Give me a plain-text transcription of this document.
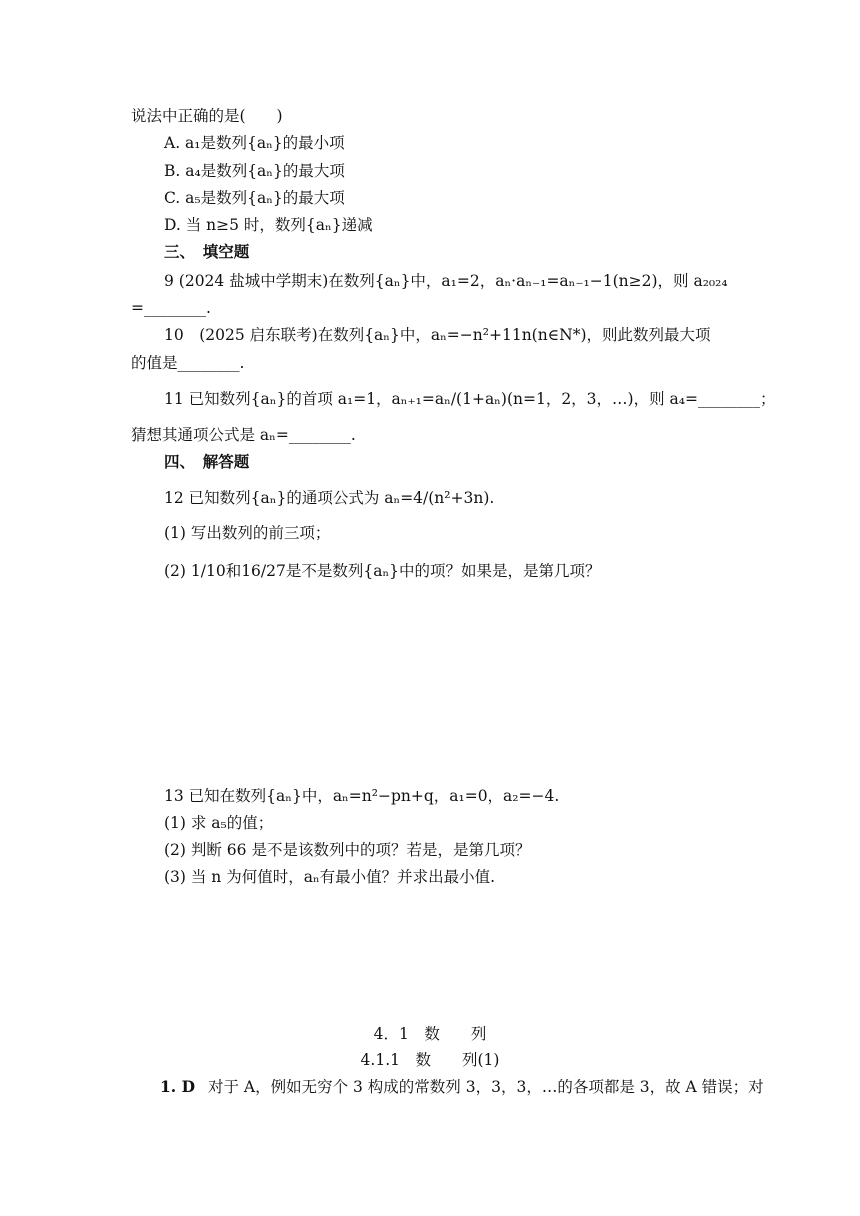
说法中正确的是(　　)
A. a₁是数列{aₙ}的最小项
B. a₄是数列{aₙ}的最大项
C. a₅是数列{aₙ}的最大项
D. 当 n≥5 时，数列{aₙ}递减
三、　填空题
9 (2024 盐城中学期末)在数列{aₙ}中，a₁=2，aₙ·aₙ₋₁=aₙ₋₁−1(n≥2)，则 a₂₀₂₄
=________.
10　(2025 启东联考)在数列{aₙ}中，aₙ=−n²+11n(n∈N*)，则此数列最大项
的值是________.
11 已知数列{aₙ}的首项 a₁=1，aₙ₊₁=aₙ/(1+aₙ)(n=1，2，3，…)，则 a₄=________；
猜想其通项公式是 aₙ=________.
四、　解答题
12 已知数列{aₙ}的通项公式为 aₙ=4/(n²+3n).
(1) 写出数列的前三项；
(2) 1/10和16/27是不是数列{aₙ}中的项？如果是，是第几项？
13 已知在数列{aₙ}中，aₙ=n²−pn+q，a₁=0，a₂=−4.
(1) 求 a₅的值；
(2) 判断 66 是不是该数列中的项？若是，是第几项？
(3) 当 n 为何值时，aₙ有最小值？并求出最小值.
4．1　数　　列
4.1.1　数　　列(1)
1. D 对于 A，例如无穷个 3 构成的常数列 3，3，3，…的各项都是 3，故 A 错误；对
